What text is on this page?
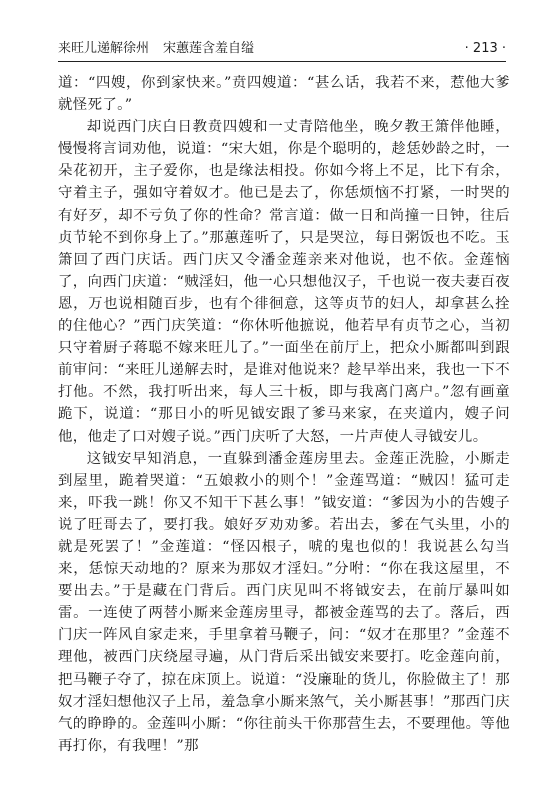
来旺儿递解徐州 宋蕙莲含羞自缢	· 213 ·

道：“四嫂，你到家快来。”贲四嫂道：“甚么话，我若不来，惹他大爹就怪死了。”

却说西门庆白日教贲四嫂和一丈青陪他坐，晚夕教王箫伴他睡，慢慢将言词劝他，说道：“宋大姐，你是个聪明的，趁恁妙龄之时，一朵花初开，主子爱你，也是缘法相投。你如今将上不足，比下有余，守着主子，强如守着奴才。他已是去了，你恁烦恼不打紧，一时哭的有好歹，却不亏负了你的性命？常言道：做一日和尚撞一日钟，往后贞节轮不到你身上了。”那蕙莲听了，只是哭泣，每日粥饭也不吃。玉箫回了西门庆话。西门庆又令潘金莲亲来对他说，也不依。金莲恼了，向西门庆道：“贼淫妇，他一心只想他汉子，千也说一夜夫妻百夜恩，万也说相随百步，也有个徘徊意，这等贞节的妇人，却拿甚么拴的住他心？”西门庆笑道：“你休听他摭说，他若早有贞节之心，当初只守着厨子蒋聪不嫁来旺儿了。”一面坐在前厅上，把众小厮都叫到跟前审问：“来旺儿递解去时，是谁对他说来？趁早举出来，我也一下不打他。不然，我打听出来，每人三十板，即与我离门离户。”忽有画童跪下，说道：“那日小的听见钺安跟了爹马来家，在夹道内，嫂子问他，他走了口对嫂子说。”西门庆听了大怒，一片声使人寻钺安儿。

这钺安早知消息，一直躲到潘金莲房里去。金莲正洗脸，小厮走到屋里，跪着哭道：“五娘救小的则个！”金莲骂道：“贼囚！猛可走来，吓我一跳！你又不知干下甚么事！”钺安道：“爹因为小的告嫂子说了旺哥去了，要打我。娘好歹劝劝爹。若出去，爹在气头里，小的就是死罢了！”金莲道：“怪囚根子，唬的鬼也似的！我说甚么勾当来，恁惊天动地的？原来为那奴才淫妇。”分咐：“你在我这屋里，不要出去。”于是藏在门背后。西门庆见叫不将钺安去，在前厅暴叫如雷。一连使了两替小厮来金莲房里寻，都被金莲骂的去了。落后，西门庆一阵风自家走来，手里拿着马鞭子，问：“奴才在那里？”金莲不理他，被西门庆绕屋寻遍，从门背后采出钺安来要打。吃金莲向前，把马鞭子夺了，掠在床顶上。说道：“没廉耻的货儿，你脸做主了！那奴才淫妇想他汉子上吊，羞急拿小厮来煞气，关小厮甚事！”那西门庆气的睁睁的。金莲叫小厮：“你往前头干你那营生去，不要理他。等他再打你，有我哩！”那
